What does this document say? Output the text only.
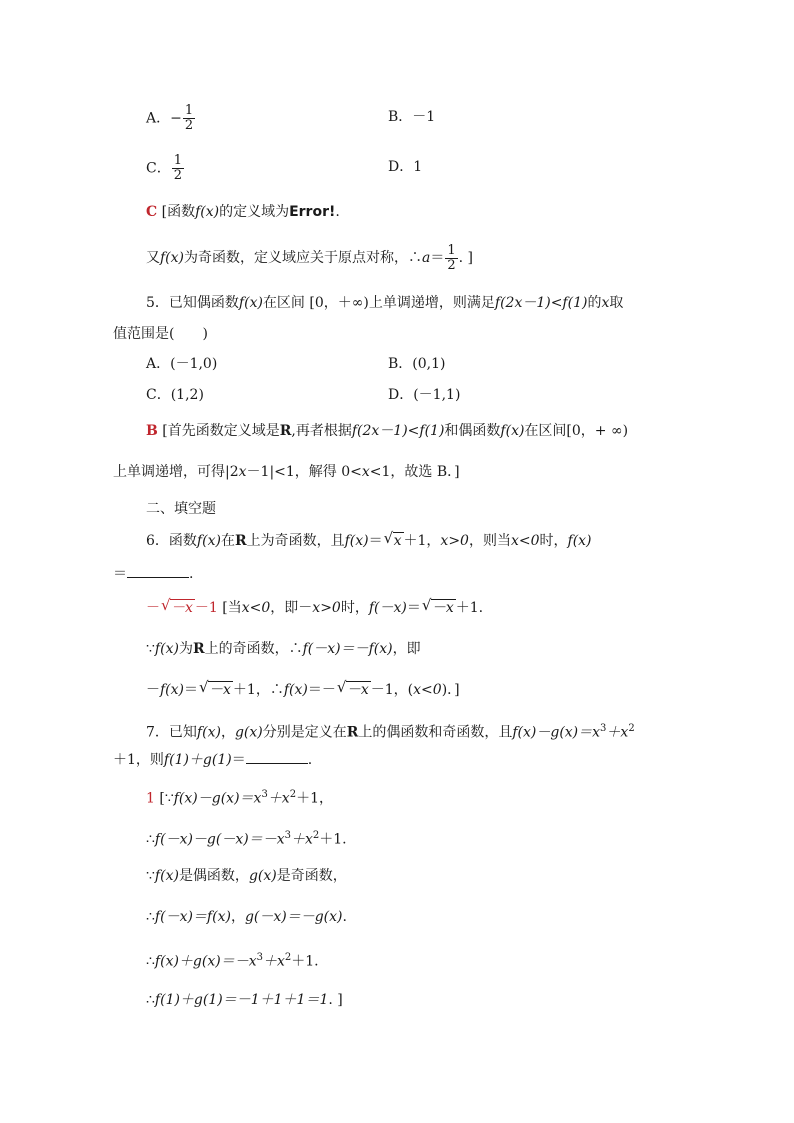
A．− $\frac{1}{2}$	B．－1
C． $\frac{1}{2}$	D．1
C [函数f(x)的定义域为Error!.
又f(x)为奇函数，定义域应关于原点对称，∴a＝ $\frac{1}{2}$ . ]
5．已知偶函数f(x)在区间 [0，＋∞)上单调递增，则满足f(2x－1)<f(1)的x取
值范围是(　　)
A．(－1,0)	B．(0,1)
C．(1,2)	D．(－1,1)
B [首先函数定义域是R,再者根据f(2x－1)<f(1)和偶函数f(x)在区间[0，+ ∞)
上单调递增，可得|2x－1|<1，解得 0<x<1，故选 B．]
二、填空题
6．函数f(x)在R上为奇函数，且f(x)＝ √ x ＋1，x>0，则当x<0时，f(x)
＝	.
－ √ －x －1 [当x<0，即－x>0时，f(－x)＝ √ －x ＋1.
∵f(x)为R上的奇函数，∴f(－x)＝－f(x)，即
－f(x)＝ √ －x ＋1，∴f(x)＝－ √ －x －1，(x<0)．]
7．已知f(x)，g(x)分别是定义在R上的偶函数和奇函数，且$f(x)-g(x)=x^3+x^2$
＋1，则f(1)＋g(1)＝	.
1 [$\because f(x)-g(x)=x^3+x^2+1$，
$\therefore f(-x)-g(-x)=-x^3+x^2+1$.
∵f(x)是偶函数，g(x)是奇函数，
∴f(－x)＝f(x)，g(－x)＝－g(x).
$\therefore f(x)+g(x)=-x^3+x^2+1$.
∴f(1)＋g(1)＝－1＋1＋1＝1. ]
